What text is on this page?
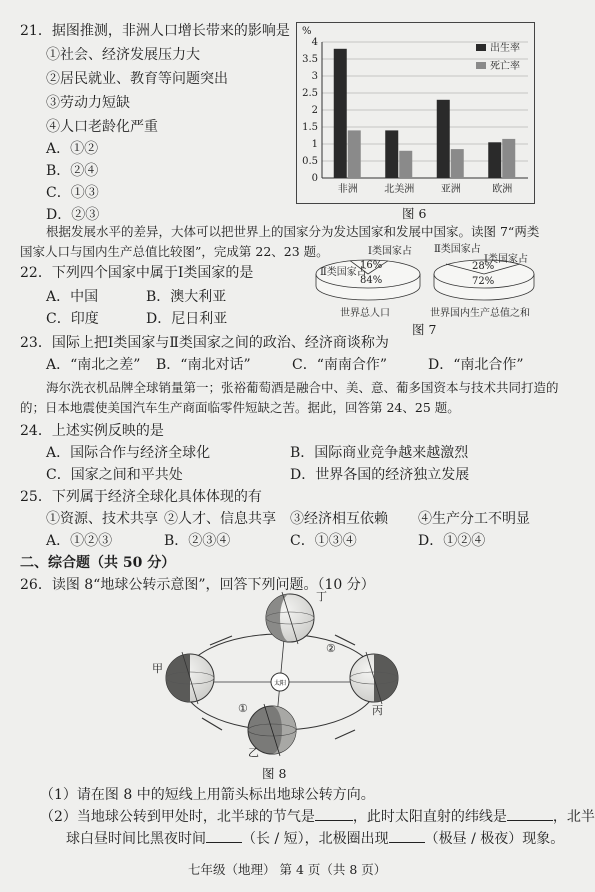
21．据图推测，非洲人口增长带来的影响是
①社会、经济发展压力大
②居民就业、教育等问题突出
③劳动力短缺
④人口老龄化严重
A．①②
B．②④
C．①③
D．②③
0
0.5
1
1.5
2
2.5
3
3.5
4
非洲	北美洲	亚洲	欧洲
%
出生率
死亡率
图 6
根据发展水平的差异，大体可以把世界上的国家分为发达国家和发展中国家。读图 7“两类
国家人口与国内生产总值比较图”，完成第 22、23 题。
16%
84%
Ⅰ类国家占
Ⅱ类国家占
世界总人口
28%
72%
Ⅱ类国家占
Ⅰ类国家占
世界国内生产总值之和
图 7
22．下列四个国家中属于Ⅰ类国家的是
A．中国	B．澳大利亚
C．印度	D．尼日利亚
23．国际上把Ⅰ类国家与Ⅱ类国家之间的政治、经济商谈称为
A．“南北之差” B．“南北对话”	C．“南南合作”	D．“南北合作”
海尔洗衣机品牌全球销量第一；张裕葡萄酒是融合中、美、意、葡多国资本与技术共同打造的
的；日本地震使美国汽车生产商面临零件短缺之苦。据此，回答第 24、25 题。
24．上述实例反映的是
A．国际合作与经济全球化	B．国际商业竞争越来越激烈
C．国家之间和平共处	D．世界各国的经济独立发展
25．下列属于经济全球化具体体现的有
①资源、技术共享 ②人才、信息共享 ③经济相互依赖 ④生产分工不明显
A．①②③	B．②③④	C．①③④	D．①②④
二、综合题（共 50 分）
26．读图 8“地球公转示意图”，回答下列问题。（10 分）
太阳
甲
乙
丙
丁
②
①
图 8
（1）请在图 8 中的短线上用箭头标出地球公转方向。
（2）当地球公转到甲处时，北半球的节气是	，此时太阳直射的纬线是	，北半
球白昼时间比黑夜时间	（长 / 短），北极圈出现	（极昼 / 极夜）现象。
七年级（地理） 第 4 页（共 8 页）
